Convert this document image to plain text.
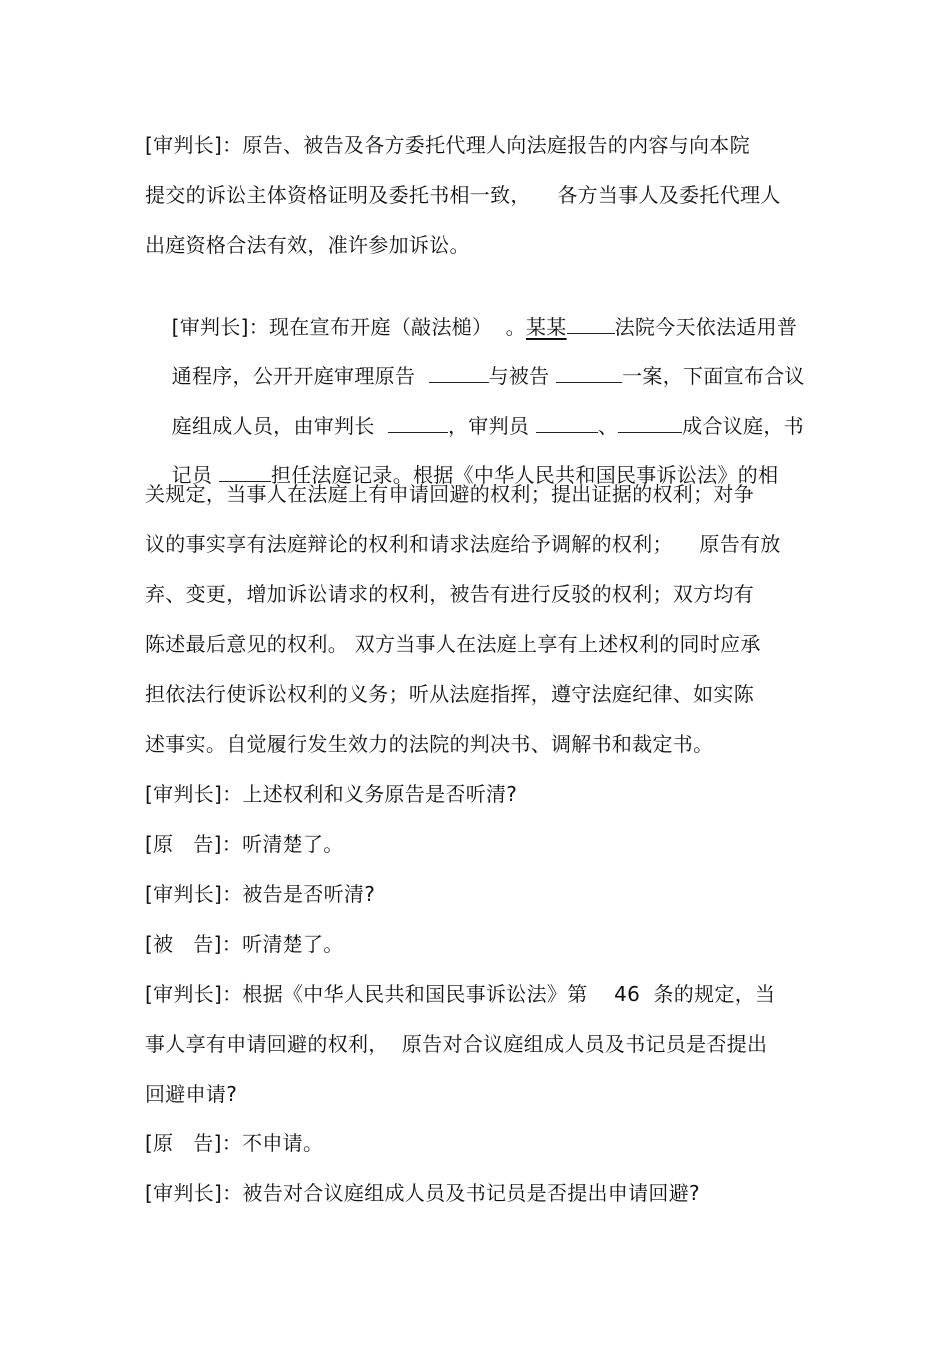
[审判长]：原告、被告及各方委托代理人向法庭报告的内容与向本院
提交的诉讼主体资格证明及委托书相一致，    各方当事人及委托代理人
出庭资格合法有效，准许参加诉讼。

[审判长]：现在宣布开庭（敲法槌）  。某某 法院今天依法适用普

通程序，公开开庭审理原告	与被告	一案，下面宣布合议

庭组成人员，由审判长	，审判员	、	成合议庭，书

记员	担任法庭记录。根据《中华人民共和国民事诉讼法》的相

关规定，当事人在法庭上有申请回避的权利；提出证据的权利；对争
议的事实享有法庭辩论的权利和请求法庭给予调解的权利；    原告有放
弃、变更，增加诉讼请求的权利，被告有进行反驳的权利；双方均有
陈述最后意见的权利。 双方当事人在法庭上享有上述权利的同时应承
担依法行使诉讼权利的义务；听从法庭指挥，遵守法庭纪律、如实陈
述事实。自觉履行发生效力的法院的判决书、调解书和裁定书。
[审判长]：上述权利和义务原告是否听清?
[原   告]：听清楚了。
[审判长]：被告是否听清?
[被   告]：听清楚了。
[审判长]：根据《中华人民共和国民事诉讼法》第    46  条的规定，当
事人享有申请回避的权利，  原告对合议庭组成人员及书记员是否提出
回避申请?
[原   告]：不申请。
[审判长]：被告对合议庭组成人员及书记员是否提出申请回避?
